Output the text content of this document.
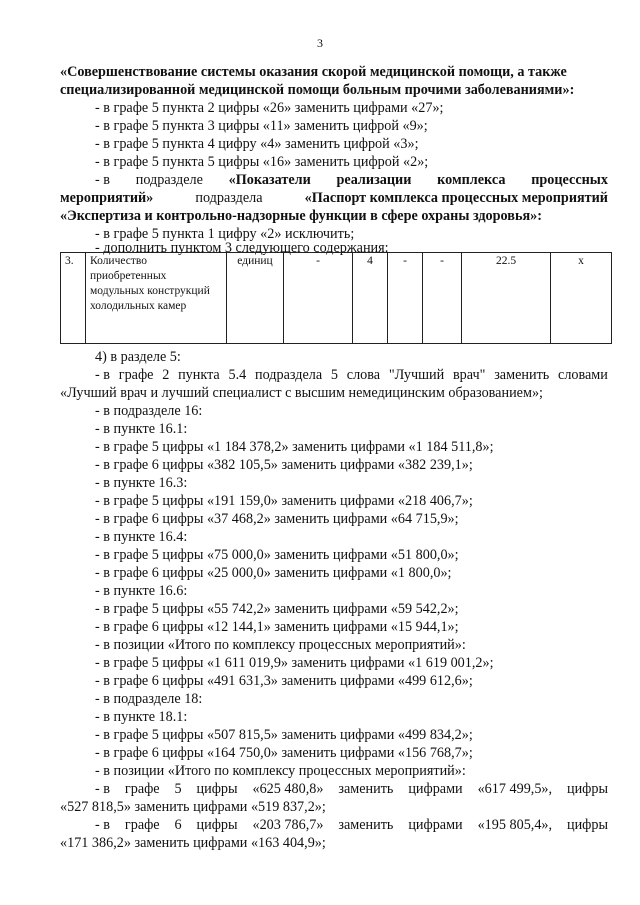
3
«Совершенствование системы оказания скорой медицинской помощи, а также
специализированной медицинской помощи больным прочими заболеваниями»:
- в графе 5 пункта 2 цифры «26» заменить цифрами «27»;
- в графе 5 пункта 3 цифры «11» заменить цифрой «9»;
- в графе 5 пункта 4 цифру «4» заменить цифрой «3»;
- в графе 5 пункта 5 цифры «16» заменить цифрой «2»;
- в подразделе «Показатели реализации комплекса процессных
мероприятий»	подраздела	«Паспорт комплекса процессных мероприятий
«Экспертиза и контрольно-надзорные функции в сфере охраны здоровья»:
- в графе 5 пункта 1 цифру «2» исключить;
- дополнить пунктом 3 следующего содержания:
3.	Количество приобретенных модульных конструкций холодильных камер	единиц	-	4	-	-	22.5	x
4) в разделе 5:
- в графе 2 пункта 5.4 подраздела 5 слова "Лучший врач" заменить словами
«Лучший врач и лучший специалист с высшим немедицинским образованием»;
- в подразделе 16:
- в пункте 16.1:
- в графе 5 цифры «1 184 378,2» заменить цифрами «1 184 511,8»;
- в графе 6 цифры «382 105,5» заменить цифрами «382 239,1»;
- в пункте 16.3:
- в графе 5 цифры «191 159,0» заменить цифрами «218 406,7»;
- в графе 6 цифры «37 468,2» заменить цифрами «64 715,9»;
- в пункте 16.4:
- в графе 5 цифры «75 000,0» заменить цифрами «51 800,0»;
- в графе 6 цифры «25 000,0» заменить цифрами «1 800,0»;
- в пункте 16.6:
- в графе 5 цифры «55 742,2» заменить цифрами «59 542,2»;
- в графе 6 цифры «12 144,1» заменить цифрами «15 944,1»;
- в позиции «Итого по комплексу процессных мероприятий»:
- в графе 5 цифры «1 611 019,9» заменить цифрами «1 619 001,2»;
- в графе 6 цифры «491 631,3» заменить цифрами «499 612,6»;
- в подразделе 18:
- в пункте 18.1:
- в графе 5 цифры «507 815,5» заменить цифрами «499 834,2»;
- в графе 6 цифры «164 750,0» заменить цифрами «156 768,7»;
- в позиции «Итого по комплексу процессных мероприятий»:
- в графе 5 цифры «625 480,8» заменить цифрами «617 499,5», цифры
«527 818,5» заменить цифрами «519 837,2»;
- в графе 6 цифры «203 786,7» заменить цифрами «195 805,4», цифры
«171 386,2» заменить цифрами «163 404,9»;
